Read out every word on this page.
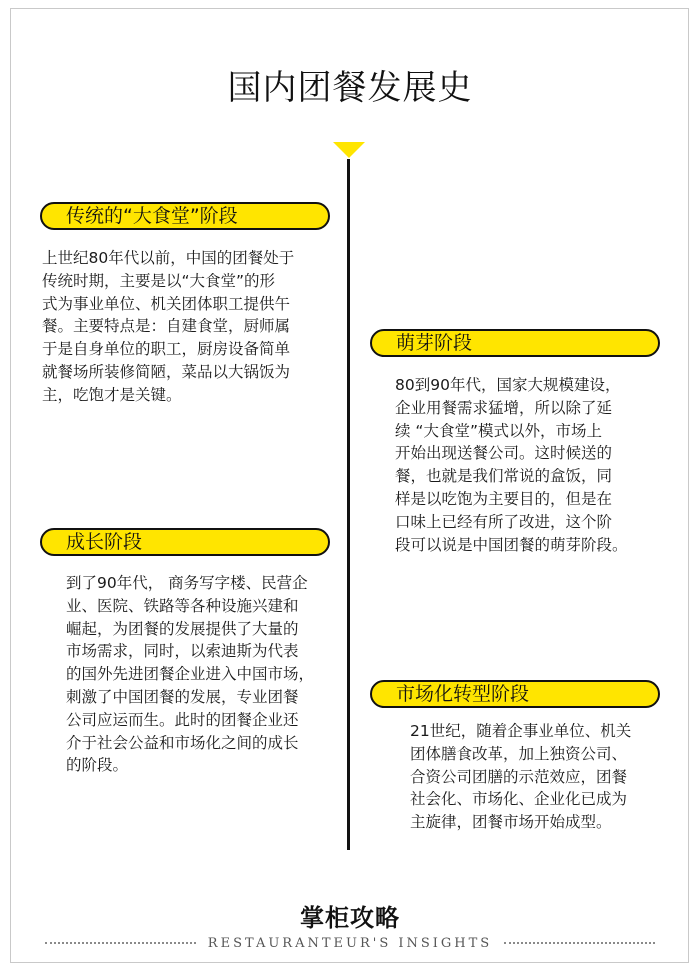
国内团餐发展史
传统的“大食堂”阶段
上世纪80年代以前，中国的团餐处于
传统时期，主要是以“大食堂”的形
式为事业单位、机关团体职工提供午
餐。主要特点是：自建食堂，厨师属
于是自身单位的职工，厨房设备简单
就餐场所装修简陋，菜品以大锅饭为
主，吃饱才是关键。
萌芽阶段
80到90年代，国家大规模建设，
企业用餐需求猛增，所以除了延
续 “大食堂”模式以外，市场上
开始出现送餐公司。这时候送的
餐，也就是我们常说的盒饭，同
样是以吃饱为主要目的，但是在
口味上已经有所了改进，这个阶
段可以说是中国团餐的萌芽阶段。
成长阶段
到了90年代， 商务写字楼、民营企
业、医院、铁路等各种设施兴建和
崛起，为团餐的发展提供了大量的
市场需求，同时，以索迪斯为代表
的国外先进团餐企业进入中国市场，
刺激了中国团餐的发展，专业团餐
公司应运而生。此时的团餐企业还
介于社会公益和市场化之间的成长
的阶段。
市场化转型阶段
21世纪，随着企事业单位、机关
团体膳食改革，加上独资公司、
合资公司团膳的示范效应，团餐
社会化、市场化、企业化已成为
主旋律，团餐市场开始成型。
掌柜攻略
RESTAURANTEUR'S INSIGHTS
